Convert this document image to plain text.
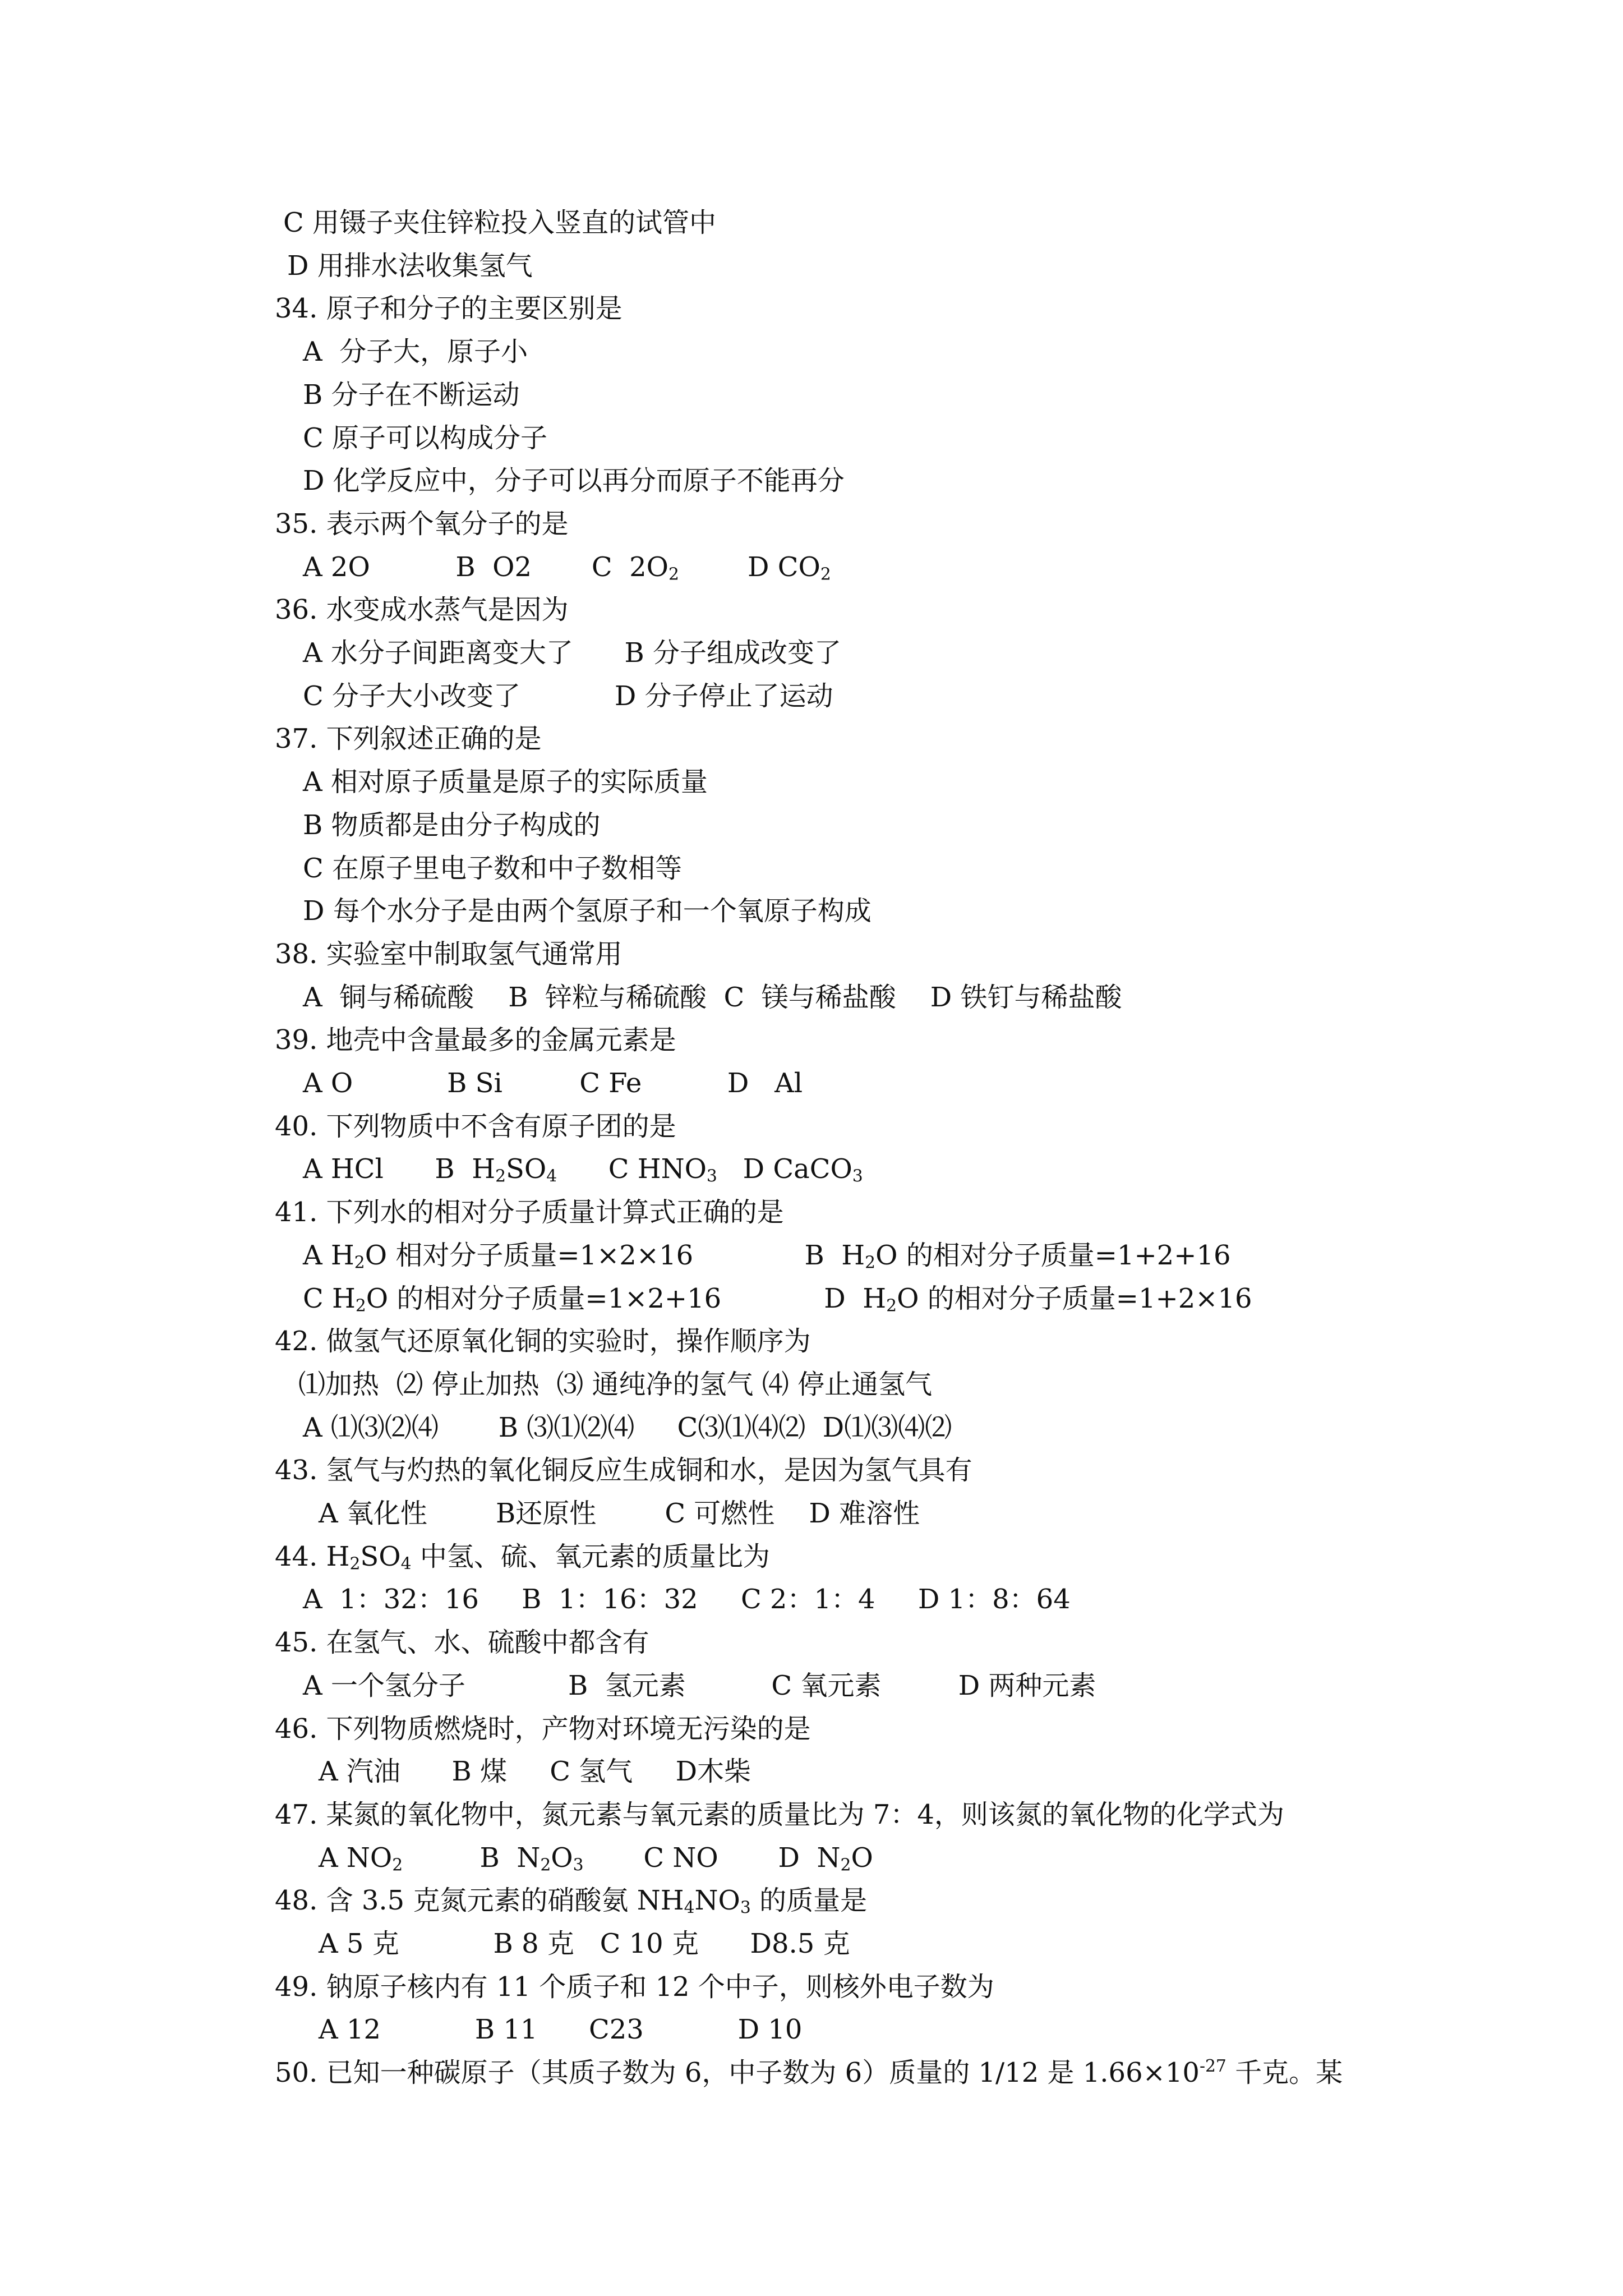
C 用镊子夹住锌粒投入竖直的试管中
D 用排水法收集氢气
34. 原子和分子的主要区别是
A  分子大，原子小
B 分子在不断运动
C 原子可以构成分子
D 化学反应中，分子可以再分而原子不能再分
35. 表示两个氧分子的是
A 2O          B  O2       C  $2O_2$        D $CO_2$
36. 水变成水蒸气是因为
A 水分子间距离变大了      B 分子组成改变了
C 分子大小改变了           D 分子停止了运动
37. 下列叙述正确的是
A 相对原子质量是原子的实际质量
B 物质都是由分子构成的
C 在原子里电子数和中子数相等
D 每个水分子是由两个氢原子和一个氧原子构成
38. 实验室中制取氢气通常用
A  铜与稀硫酸    B  锌粒与稀硫酸  C  镁与稀盐酸    D 铁钉与稀盐酸
39. 地壳中含量最多的金属元素是
A O           B Si         C Fe          D   Al
40. 下列物质中不含有原子团的是
A HCl      B  $H_2SO_4$      C $HNO_3$   D CaCO$_3$
41. 下列水的相对分子质量计算式正确的是
A $H_2O$ 相对分子质量=1×2×16             B  $H_2O$ 的相对分子质量=1+2+16
C $H_2O$ 的相对分子质量=1×2+16            D  $H_2O$ 的相对分子质量=1+2×16
42. 做氢气还原氧化铜的实验时，操作顺序为
⑴加热  ⑵ 停止加热  ⑶ 通纯净的氢气 ⑷ 停止通氢气
A ⑴⑶⑵⑷       B ⑶⑴⑵⑷     C⑶⑴⑷⑵  D⑴⑶⑷⑵
43. 氢气与灼热的氧化铜反应生成铜和水，是因为氢气具有
A 氧化性        B还原性        C 可燃性    D 难溶性
44. $H_2SO_4$ 中氢、硫、氧元素的质量比为
A  1：32：16     B  1：16：32     C 2：1：4     D 1：8：64
45. 在氢气、水、硫酸中都含有
A 一个氢分子            B  氢元素          C 氧元素         D 两种元素
46. 下列物质燃烧时，产物对环境无污染的是
A 汽油      B 煤     C 氢气     D木柴
47. 某氮的氧化物中，氮元素与氧元素的质量比为 7：4，则该氮的氧化物的化学式为
A $NO_2$         B  $N_2O_3$       C NO       D  $N_2O$
48. 含 3.5 克氮元素的硝酸氨 $NH_4NO_3$ 的质量是
A 5 克           B 8 克   C 10 克      D8.5 克
49. 钠原子核内有 11 个质子和 12 个中子，则核外电子数为
A 12           B 11      C23           D 10
50. 已知一种碳原子（其质子数为 6，中子数为 6）质量的 1/12 是 $1.66\times 10^{-27}$ 千克。某
